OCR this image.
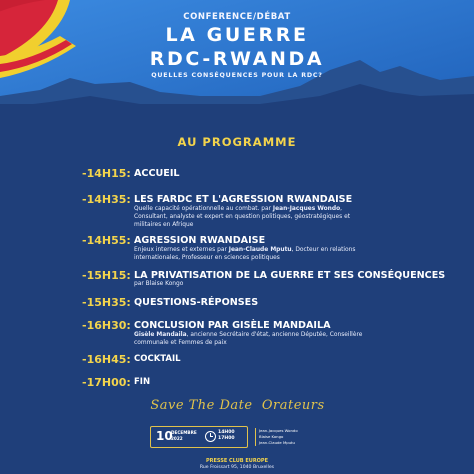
CONFERENCE/DÉBAT
LA GUERRE
RDC-RWANDA
QUELLES CONSÉQUENCES POUR LA RDC?
AU PROGRAMME
-14H15: ACCUEIL
-14H35: LES FARDC ET L'AGRESSION RWANDAISE
Quelle capacité opérationnelle au combat. par Jean-Jacques Wondo, Consultant, analyste et expert en question politiques, géostratégiques et militaires en Afrique
-14H55: AGRESSION RWANDAISE
Enjeux internes et externes par Jean-Claude Mputu, Docteur en relations internationales, Professeur en sciences politiques
-15H15: LA PRIVATISATION DE LA GUERRE ET SES CONSÉQUENCES
par Blaise Kongo
-15H35: QUESTIONS-RÉPONSES
-16H30: CONCLUSION PAR GISÈLE MANDAILA
Gisèle Mandaila, ancienne Secrétaire d'état, ancienne Députée, Conseillère communale et Femmes de paix
-16H45: COCKTAIL
-17H00: FIN
Save The Date Orateurs
10
DECEMBRE
2022
14H00
17H00
Jean-Jacques Wondo
Blaise Kongo
Jean-Claude Mputu
PRESSE CLUB EUROPE
Rue Froissart 95, 1040 Bruxelles
